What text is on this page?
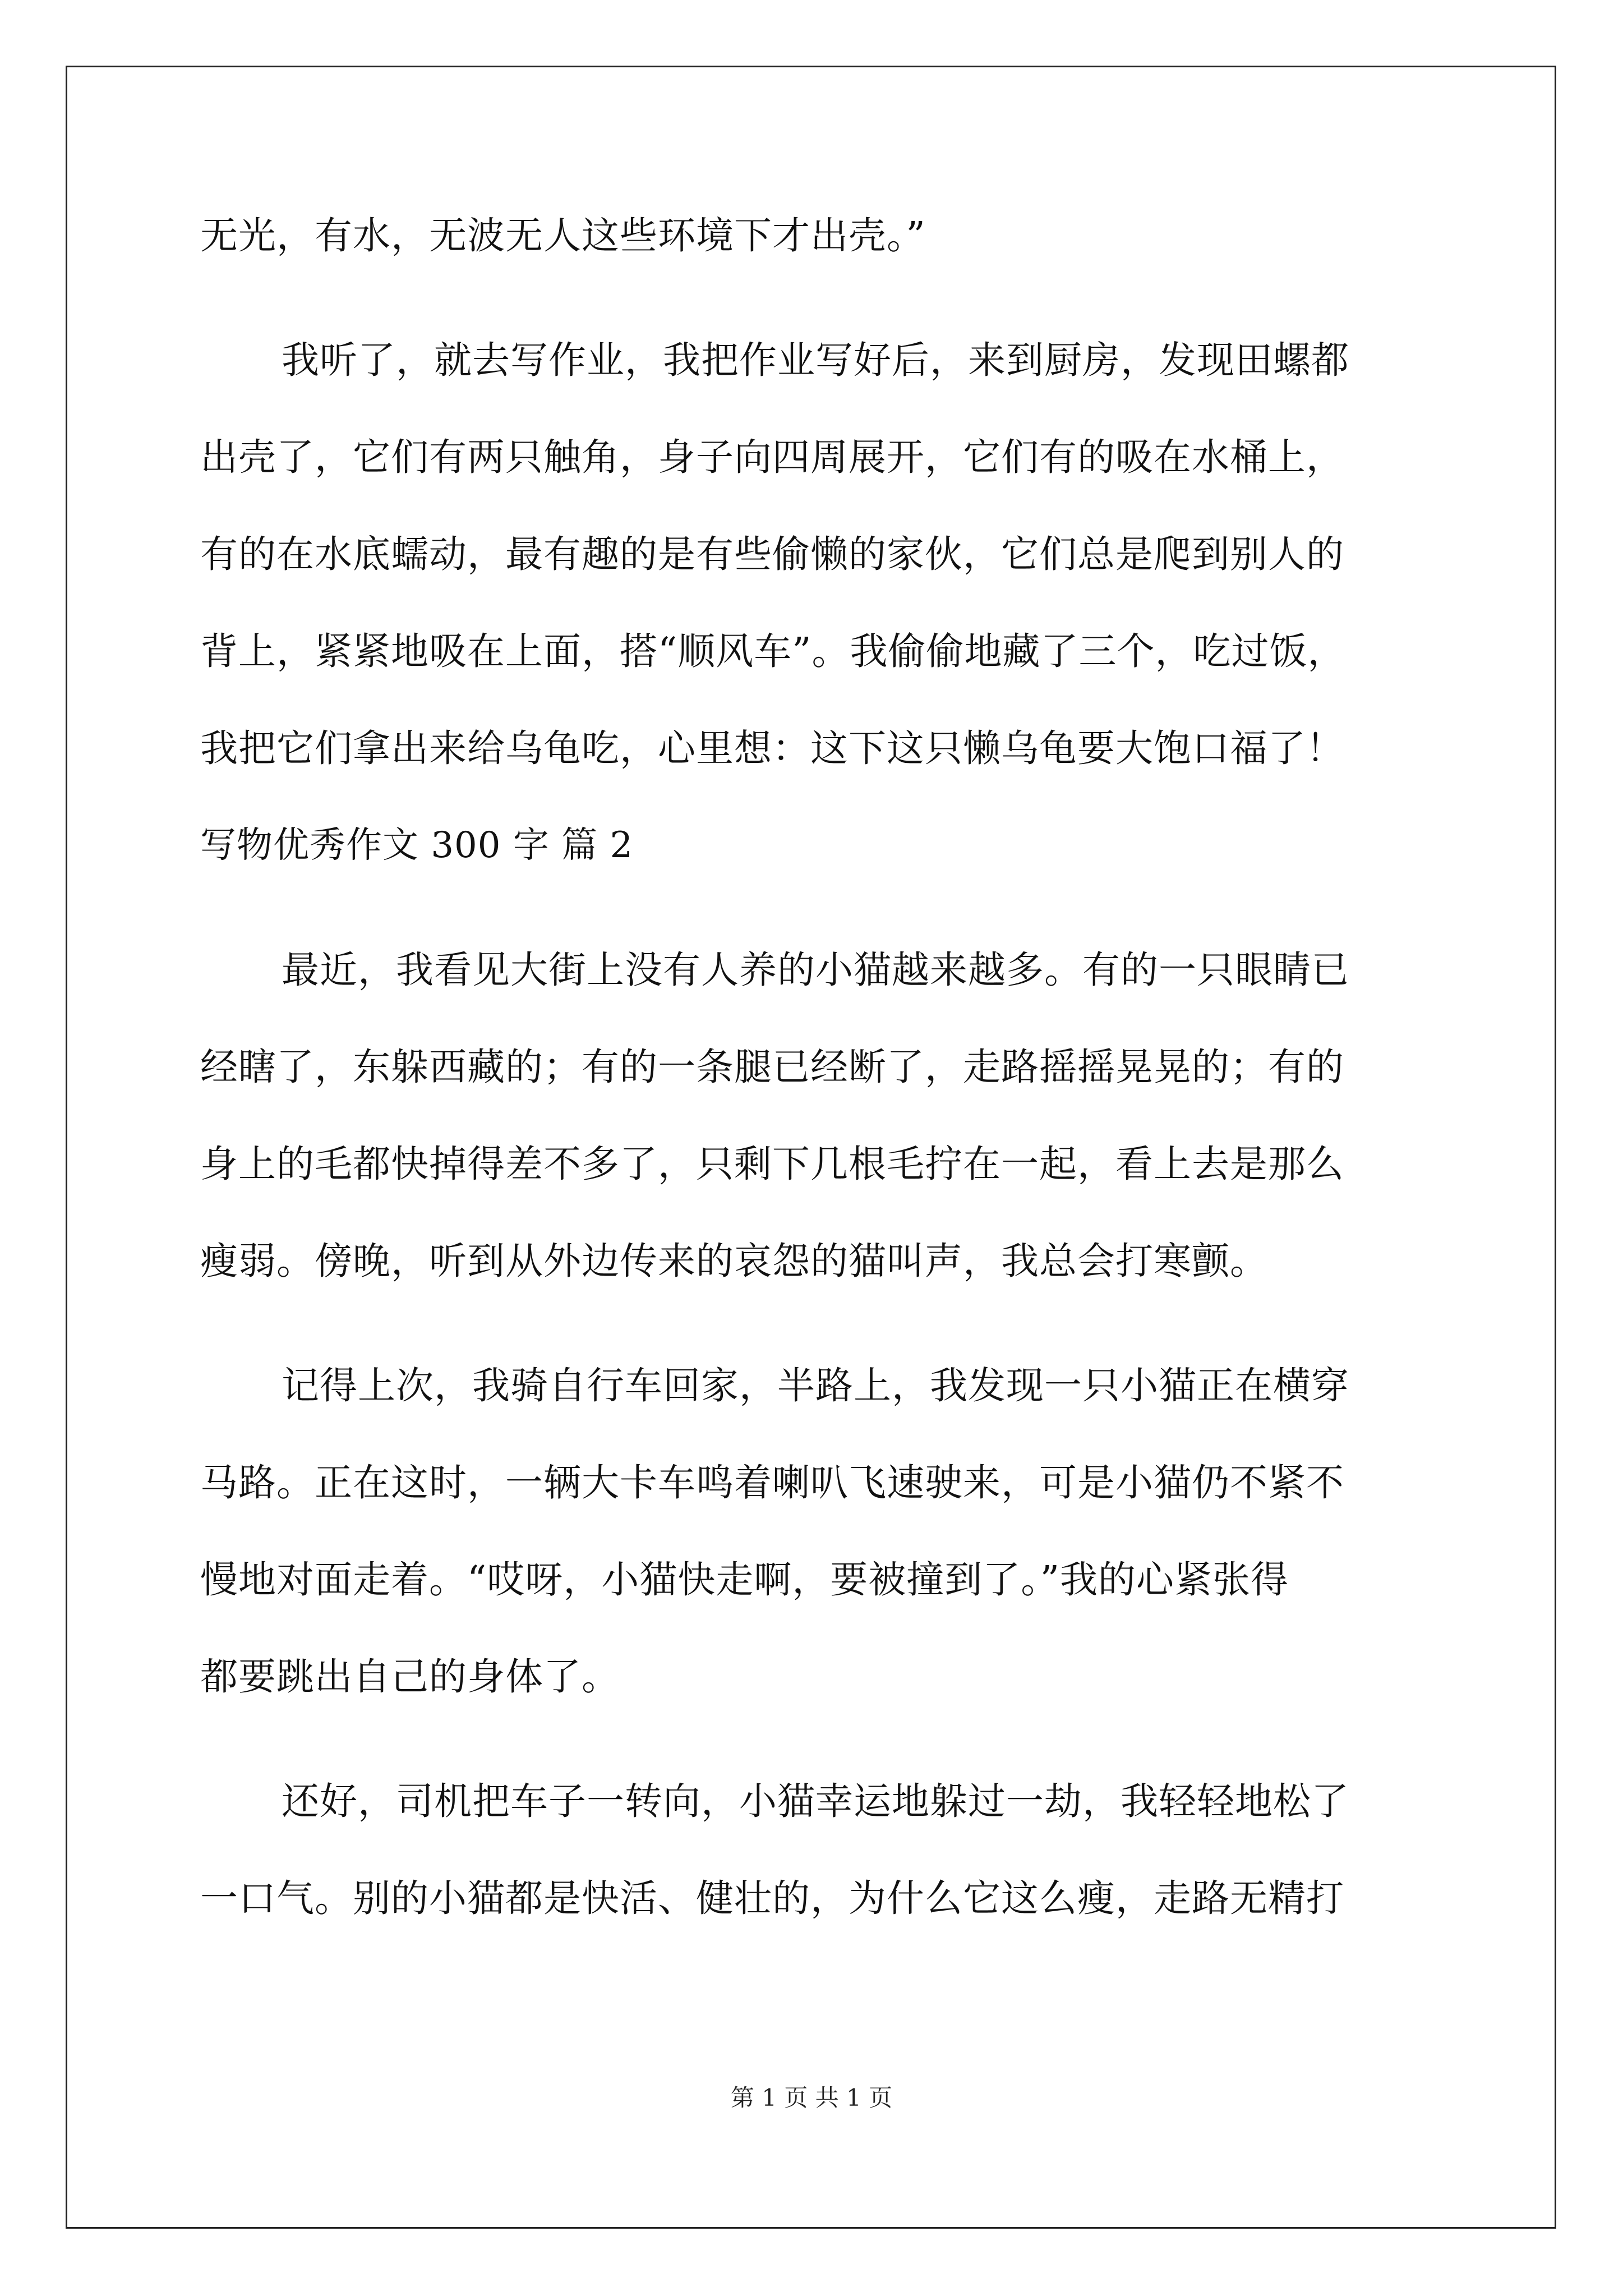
无光，有水，无波无人这些环境下才出壳。”
我听了，就去写作业，我把作业写好后，来到厨房，发现田螺都
出壳了，它们有两只触角，身子向四周展开，它们有的吸在水桶上，
有的在水底蠕动，最有趣的是有些偷懒的家伙，它们总是爬到别人的
背上，紧紧地吸在上面，搭“顺风车”。我偷偷地藏了三个，吃过饭，
我把它们拿出来给乌龟吃，心里想：这下这只懒乌龟要大饱口福了！
写物优秀作文 300 字 篇 2
最近，我看见大街上没有人养的小猫越来越多。有的一只眼睛已
经瞎了，东躲西藏的；有的一条腿已经断了，走路摇摇晃晃的；有的
身上的毛都快掉得差不多了，只剩下几根毛拧在一起，看上去是那么
瘦弱。傍晚，听到从外边传来的哀怨的猫叫声，我总会打寒颤。
记得上次，我骑自行车回家，半路上，我发现一只小猫正在横穿
马路。正在这时，一辆大卡车鸣着喇叭飞速驶来，可是小猫仍不紧不
慢地对面走着。“哎呀，小猫快走啊，要被撞到了。”我的心紧张得
都要跳出自己的身体了。
还好，司机把车子一转向，小猫幸运地躲过一劫，我轻轻地松了
一口气。别的小猫都是快活、健壮的，为什么它这么瘦，走路无精打
第 1 页 共 1 页
